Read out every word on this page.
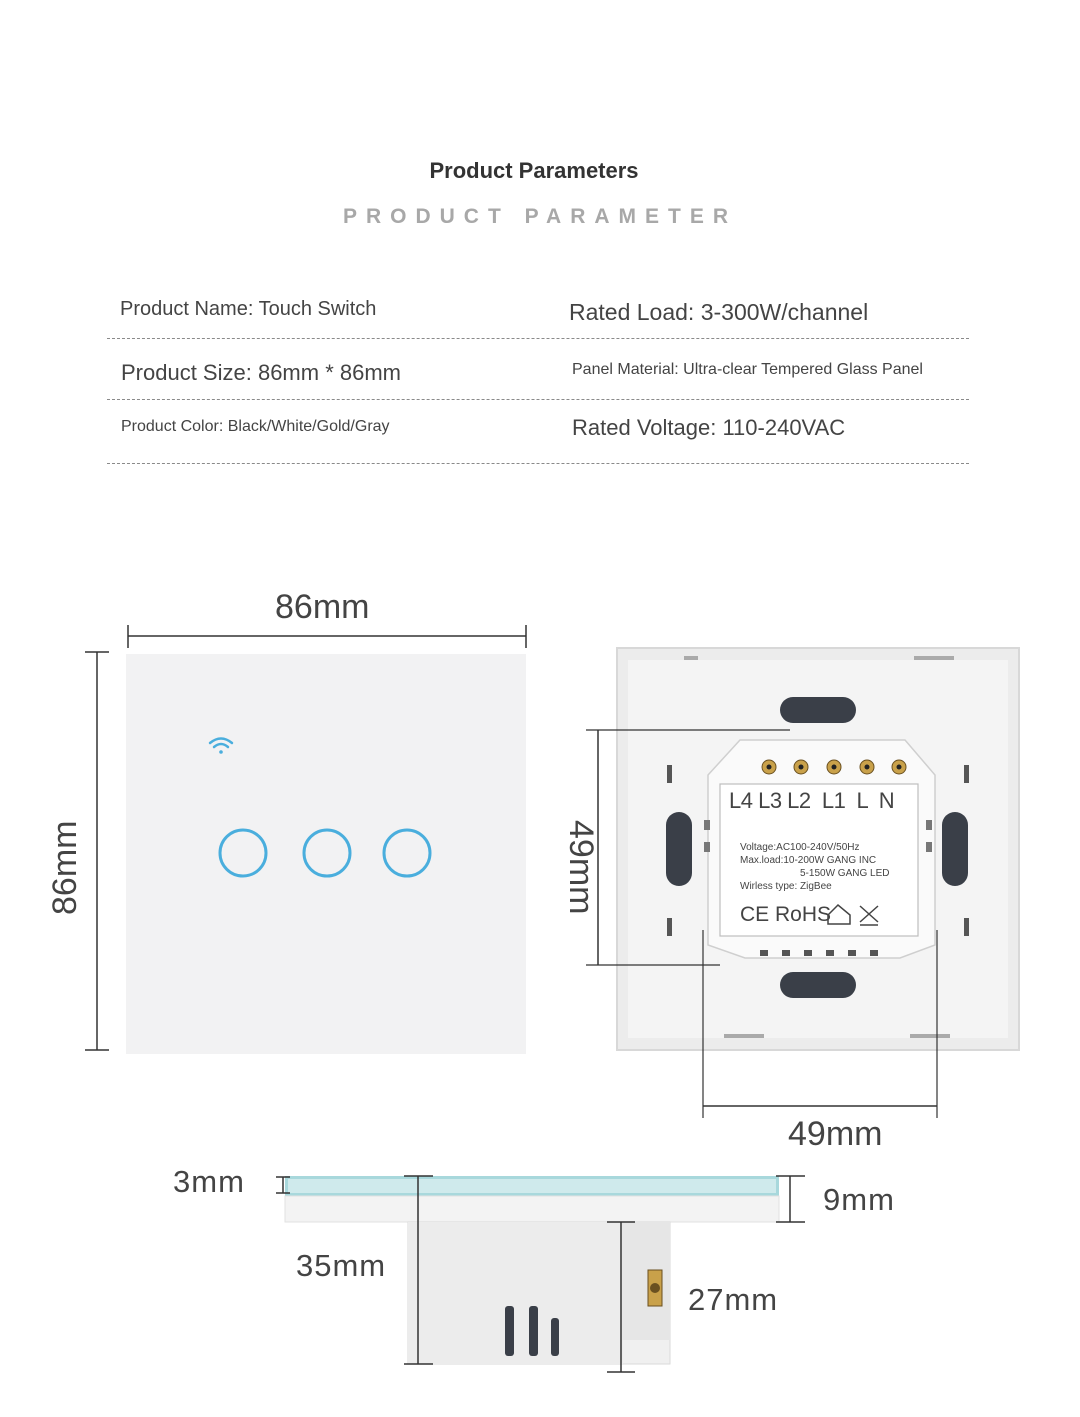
Product Parameters
PRODUCT PARAMETER
Product Name: Touch Switch	Rated Load: 3-300W/channel
Product Size: 86mm * 86mm	Panel Material: Ultra-clear Tempered Glass Panel
Product Color: Black/White/Gold/Gray	Rated Voltage: 110-240VAC
L4 L3 L2  L1  L  N
Voltage:AC100-240V/50Hz
Max.load:10-200W GANG INC
5-150W GANG LED
Wirless type: ZigBee
CE RoHS
86mm
86mm	49mm
49mm
3mm
9mm
35mm
27mm
